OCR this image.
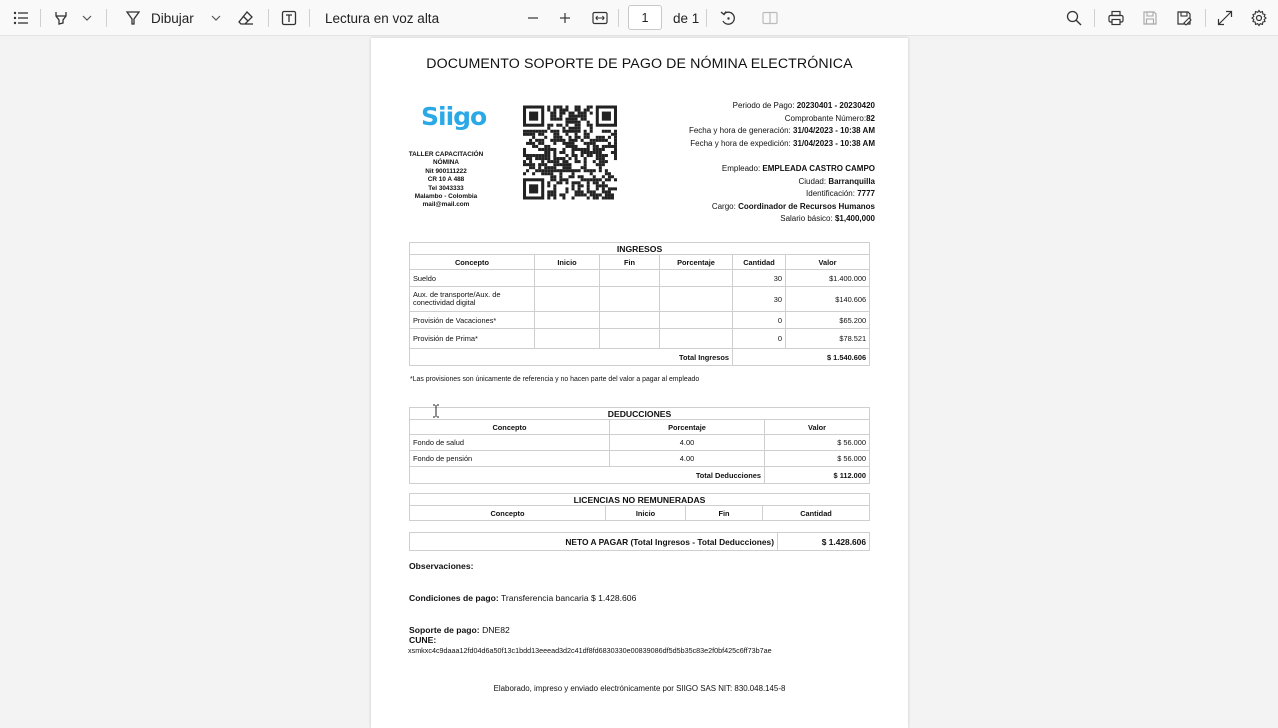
Dibujar	Lectura en voz alta	1	de 1
DOCUMENTO SOPORTE DE PAGO DE NÓMINA ELECTRÓNICA
Siigo
TALLER CAPACITACIÓN
NÓMINA
Nit 900111222
CR 10 A 488
Tel 3043333
Malambo - Colombia
mail@mail.com
Periodo de Pago: 20230401 - 20230420
Comprobante Número:82
Fecha y hora de generación: 31/04/2023 - 10:38 AM
Fecha y hora de expedición: 31/04/2023 - 10:38 AM
Empleado: EMPLEADA CASTRO CAMPO
Ciudad: Barranquilla
Identificación: 7777
Cargo: Coordinador de Recursos Humanos
Salario básico: $1,400,000
INGRESOS					
Concepto	Inicio	Fin	Porcentaje	Cantidad	Valor
Sueldo				30	$1.400.000
Aux. de transporte/Aux. de conectividad digital				30	$140.606
Provisión de Vacaciones*				0	$65.200
Provisión de Prima*				0	$78.521
Total Ingresos				$ 1.540.606	
*Las provisiones son únicamente de referencia y no hacen parte del valor a pagar al empleado
DEDUCCIONES		
Concepto	Porcentaje	Valor
Fondo de salud	4.00	$ 56.000
Fondo de pensión	4.00	$ 56.000
Total Deducciones		$ 112.000
LICENCIAS NO REMUNERADAS
Concepto	Inicio	Fin	Cantidad
NETO A PAGAR (Total Ingresos - Total Deducciones)	$ 1.428.606
Observaciones:
Condiciones de pago: Transferencia bancaria $ 1.428.606
Soporte de pago: DNE82
CUNE:
xsmkxc4c9daaa12fd04d6a50f13c1bdd13eeead3d2c41df8fd6830330e00839086df5d5b35c83e2f0bf425c6ff73b7ae
Elaborado, impreso y enviado electrónicamente por SIIGO SAS NIT: 830.048.145-8
